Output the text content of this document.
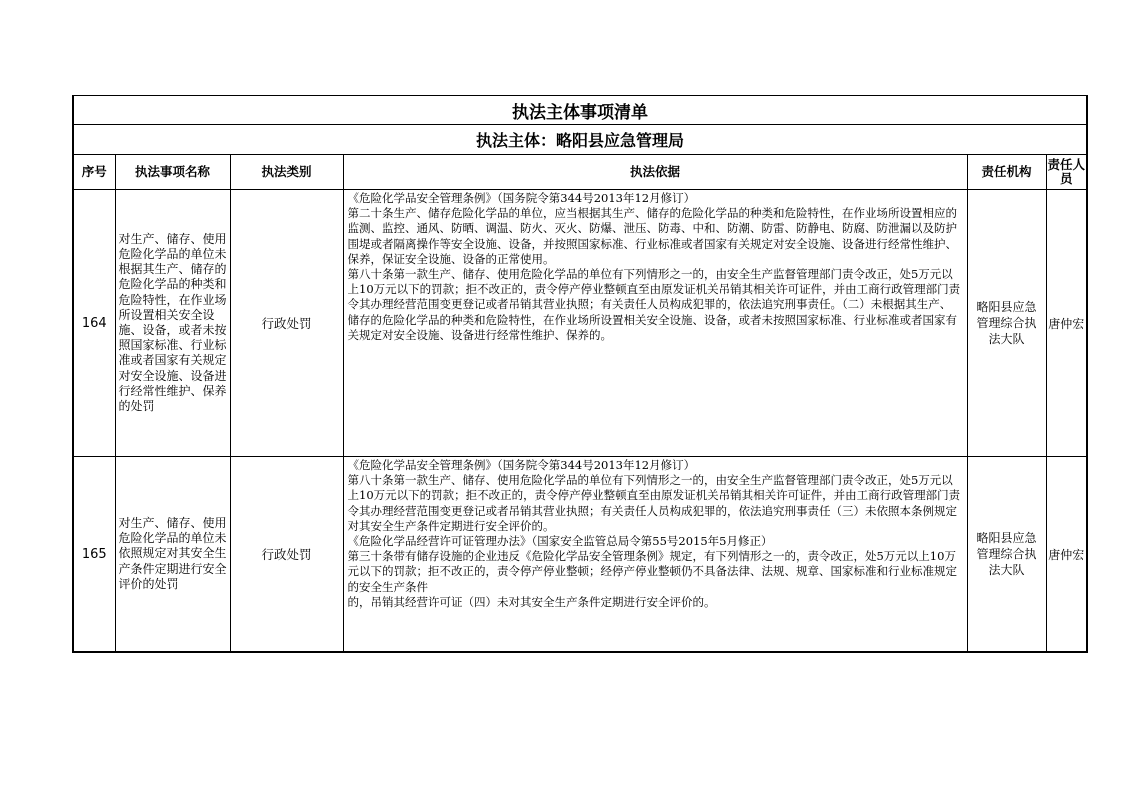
执法主体事项清单					
执法主体：略阳县应急管理局					
序号	执法事项名称	执法类别	执法依据	责任机构	责任人员
164	对生产、储存、使用危险化学品的单位未根据其生产、储存的危险化学品的种类和危险特性，在作业场所设置相关安全设施、设备，或者未按照国家标准、行业标准或者国家有关规定对安全设施、设备进行经常性维护、保养的处罚	行政处罚	《危险化学品安全管理条例》（国务院令第344号2013年12月修订）

第二十条生产、储存危险化学品的单位，应当根据其生产、储存的危险化学品的种类和危险特性，在作业场所设置相应的监测、监控、通风、防晒、调温、防火、灭火、防爆、泄压、防毒、中和、防潮、防雷、防静电、防腐、防泄漏以及防护围堤或者隔离操作等安全设施、设备，并按照国家标准、行业标准或者国家有关规定对安全设施、设备进行经常性维护、保养，保证安全设施、设备的正常使用。

第八十条第一款生产、储存、使用危险化学品的单位有下列情形之一的，由安全生产监督管理部门责令改正，处5万元以上10万元以下的罚款；拒不改正的，责令停产停业整顿直至由原发证机关吊销其相关许可证件，并由工商行政管理部门责令其办理经营范围变更登记或者吊销其营业执照；有关责任人员构成犯罪的，依法追究刑事责任。（二）未根据其生产、储存的危险化学品的种类和危险特性，在作业场所设置相关安全设施、设备，或者未按照国家标准、行业标准或者国家有关规定对安全设施、设备进行经常性维护、保养的。	略阳县应急管理综合执法大队	唐仲宏
165	对生产、储存、使用危险化学品的单位未依照规定对其安全生产条件定期进行安全评价的处罚	行政处罚	《危险化学品安全管理条例》（国务院令第344号2013年12月修订）

第八十条第一款生产、储存、使用危险化学品的单位有下列情形之一的，由安全生产监督管理部门责令改正，处5万元以上10万元以下的罚款；拒不改正的，责令停产停业整顿直至由原发证机关吊销其相关许可证件，并由工商行政管理部门责令其办理经营范围变更登记或者吊销其营业执照；有关责任人员构成犯罪的，依法追究刑事责任（三）未依照本条例规定对其安全生产条件定期进行安全评价的。

《危险化学品经营许可证管理办法》（国家安全监管总局令第55号2015年5月修正）

第三十条带有储存设施的企业违反《危险化学品安全管理条例》规定，有下列情形之一的，责令改正，处5万元以上10万元以下的罚款；拒不改正的，责令停产停业整顿；经停产停业整顿仍不具备法律、法规、规章、国家标准和行业标准规定的安全生产条件

的，吊销其经营许可证（四）未对其安全生产条件定期进行安全评价的。	略阳县应急管理综合执法大队	唐仲宏
